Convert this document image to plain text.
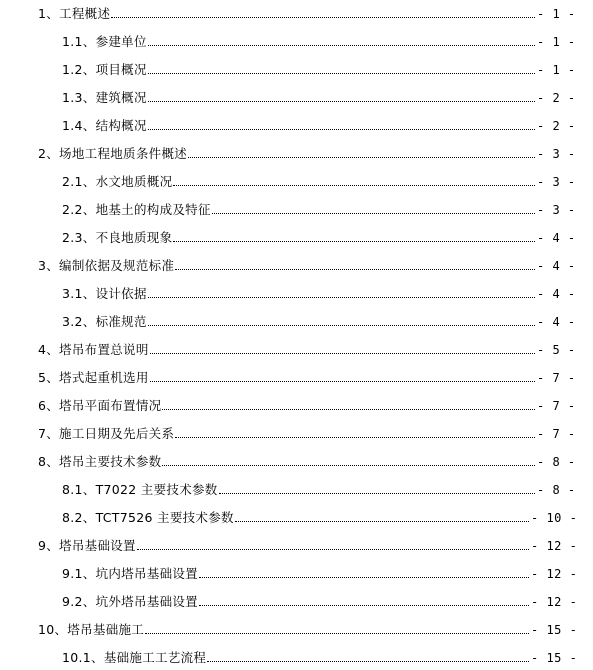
1、工程概述	- 1 -
1.1、参建单位	- 1 -
1.2、项目概况	- 1 -
1.3、建筑概况	- 2 -
1.4、结构概况	- 2 -
2、场地工程地质条件概述	- 3 -
2.1、水文地质概况	- 3 -
2.2、地基土的构成及特征	- 3 -
2.3、不良地质现象	- 4 -
3、编制依据及规范标准	- 4 -
3.1、设计依据	- 4 -
3.2、标准规范	- 4 -
4、塔吊布置总说明	- 5 -
5、塔式起重机选用	- 7 -
6、塔吊平面布置情况	- 7 -
7、施工日期及先后关系	- 7 -
8、塔吊主要技术参数	- 8 -
8.1、T7022 主要技术参数	- 8 -
8.2、TCT7526 主要技术参数	- 10 -
9、塔吊基础设置	- 12 -
9.1、坑内塔吊基础设置	- 12 -
9.2、坑外塔吊基础设置	- 12 -
10、塔吊基础施工	- 15 -
10.1、基础施工工艺流程	- 15 -
